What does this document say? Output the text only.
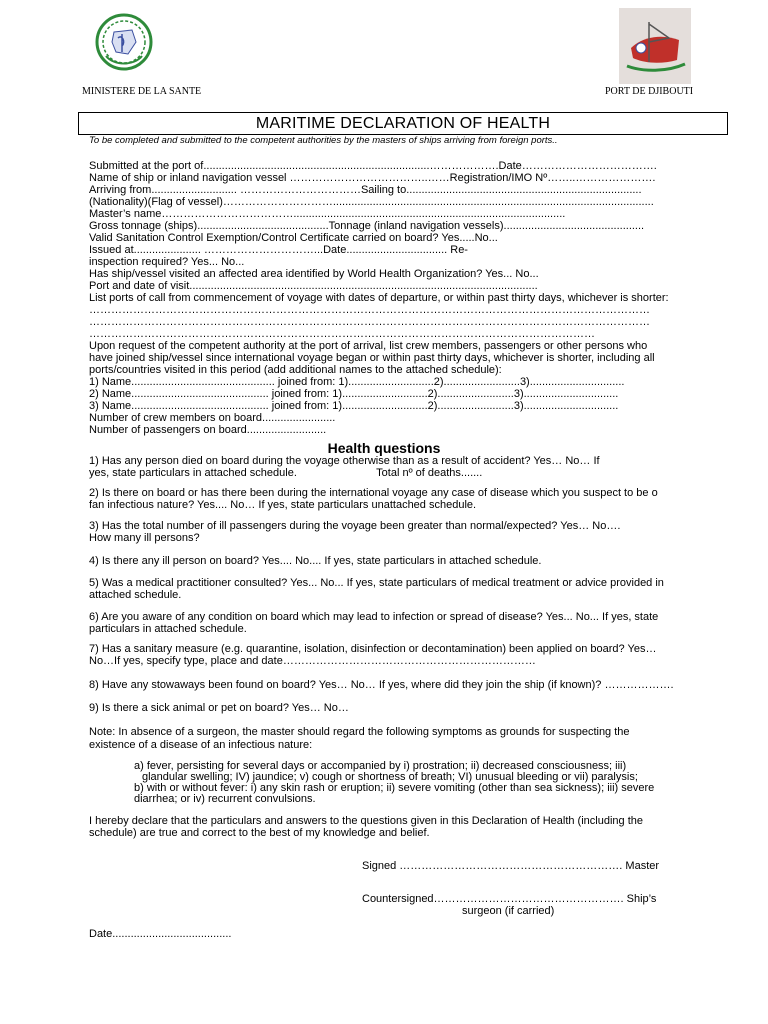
MINISTERE DE LA SANTE	PORT DE DJIBOUTI
MARITIME DECLARATION OF HEALTH
To be completed and submitted to the competent authorities by the masters of ships arriving from foreign ports..
Submitted at the port of..........................................................................……………….Date……………………………….
Name of ship or inland navigation vessel ………………………………..……Registration/IMO Nº……..………………….
Arriving from............................ ……………………………Sailing to.............................................................................
(Nationality)(Flag of vessel)………………………….........................................................................................................
Master’s name……………………………….........................................................................................
Gross tonnage (ships)...........................................Tonnage (inland navigation vessels)..............................................
Valid Sanitation Control Exemption/Control Certificate carried on board? Yes.....No...
Issued at...................... …………………………...Date................................. Re-
inspection required? Yes... No...
Has ship/vessel visited an affected area identified by World Health Organization? Yes... No...
Port and date of visit..................................................................................................................
List ports of call from commencement of voyage with dates of departure, or within past thirty days, whichever is shorter:
………………………………………………………………………………………………………………………………………
………………………………………………………………………………………………………………………………………
…………………………………………………………………………………………………………………………
Upon request of the competent authority at the port of arrival, list crew members, passengers or other persons who
have joined ship/vessel since international voyage began or within past thirty days, whichever is shorter, including all
ports/countries visited in this period (add additional names to the attached schedule):
1) Name............................................... joined from: 1)............................2).........................3)...............................
2) Name............................................. joined from: 1)............................2).........................3)...............................
3) Name............................................. joined from: 1)............................2).........................3)...............................
Number of crew members on board........................
Number of passengers on board..........................
Health questions
1) Has any person died on board during the voyage otherwise than as a result of accident? Yes… No… If
yes, state particulars in attached schedule.                          Total nº of deaths.......
2) Is there on board or has there been during the international voyage any case of disease which you suspect to be o
fan infectious nature? Yes.... No… If yes, state particulars unattached schedule.
3) Has the total number of ill passengers during the voyage been greater than normal/expected? Yes… No….
How many ill persons?
4) Is there any ill person on board? Yes.... No.... If yes, state particulars in attached schedule.
5) Was a medical practitioner consulted? Yes... No... If yes, state particulars of medical treatment or advice provided in
attached schedule.
6) Are you aware of any condition on board which may lead to infection or spread of disease? Yes... No... If yes, state
particulars in attached schedule.
7) Has a sanitary measure (e.g. quarantine, isolation, disinfection or decontamination) been applied on board? Yes…
No…If yes, specify type, place and date……………………………………………………………
8) Have any stowaways been found on board? Yes… No… If yes, where did they join the ship (if known)? ……………….
9) Is there a sick animal or pet on board? Yes… No…
Note: In absence of a surgeon, the master should regard the following symptoms as grounds for suspecting the
existence of a disease of an infectious nature:
a) fever, persisting for several days or accompanied by i) prostration; ii) decreased consciousness; iii)
glandular swelling; IV) jaundice; v) cough or shortness of breath; VI) unusual bleeding or vii) paralysis;
b) with or without fever: i) any skin rash or eruption; ii) severe vomiting (other than sea sickness); iii) severe
diarrhea; or iv) recurrent convulsions.
I hereby declare that the particulars and answers to the questions given in this Declaration of Health (including the
schedule) are true and correct to the best of my knowledge and belief.
Signed ……………………………………………………. Master
Countersigned……………………………………………. Ship’s
surgeon (if carried)
Date.......................................
